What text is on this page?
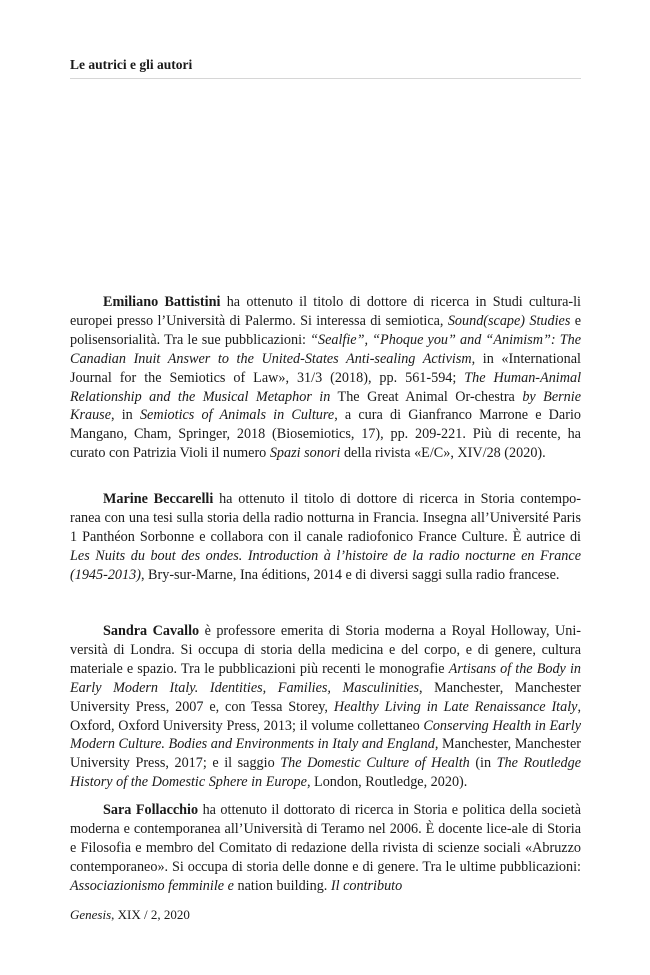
Le autrici e gli autori

Emiliano Battistini ha ottenuto il titolo di dottore di ricerca in Studi cultura-li europei presso l’Università di Palermo. Si interessa di semiotica, Sound(scape) Studies e polisensorialità. Tra le sue pubblicazioni: “Sealfie”, “Phoque you” and “Animism”: The Canadian Inuit Answer to the United-States Anti-sealing Activism, in «International Journal for the Semiotics of Law», 31/3 (2018), pp. 561-594; The Human-Animal Relationship and the Musical Metaphor in The Great Animal Or-chestra by Bernie Krause, in Semiotics of Animals in Culture, a cura di Gianfranco Marrone e Dario Mangano, Cham, Springer, 2018 (Biosemiotics, 17), pp. 209-221. Più di recente, ha curato con Patrizia Violi il numero Spazi sonori della rivista «E/C», XIV/28 (2020).

Marine Beccarelli ha ottenuto il titolo di dottore di ricerca in Storia contempo-ranea con una tesi sulla storia della radio notturna in Francia. Insegna all’Université Paris 1 Panthéon Sorbonne e collabora con il canale radiofonico France Culture. È autrice di Les Nuits du bout des ondes. Introduction à l’histoire de la radio nocturne en France (1945-2013), Bry-sur-Marne, Ina éditions, 2014 e di diversi saggi sulla radio francese.

Sandra Cavallo è professore emerita di Storia moderna a Royal Holloway, Uni-versità di Londra. Si occupa di storia della medicina e del corpo, e di genere, cultura materiale e spazio. Tra le pubblicazioni più recenti le monografie Artisans of the Body in Early Modern Italy. Identities, Families, Masculinities, Manchester, Manchester University Press, 2007 e, con Tessa Storey, Healthy Living in Late Renaissance Italy, Oxford, Oxford University Press, 2013; il volume collettaneo Conserving Health in Early Modern Culture. Bodies and Environments in Italy and England, Manchester, Manchester University Press, 2017; e il saggio The Domestic Culture of Health (in The Routledge History of the Domestic Sphere in Europe, London, Routledge, 2020).

Sara Follacchio ha ottenuto il dottorato di ricerca in Storia e politica della società moderna e contemporanea all’Università di Teramo nel 2006. È docente lice-ale di Storia e Filosofia e membro del Comitato di redazione della rivista di scienze sociali «Abruzzo contemporaneo». Si occupa di storia delle donne e di genere. Tra le ultime pubblicazioni: Associazionismo femminile e nation building. Il contributo

Genesis, XIX / 2, 2020
